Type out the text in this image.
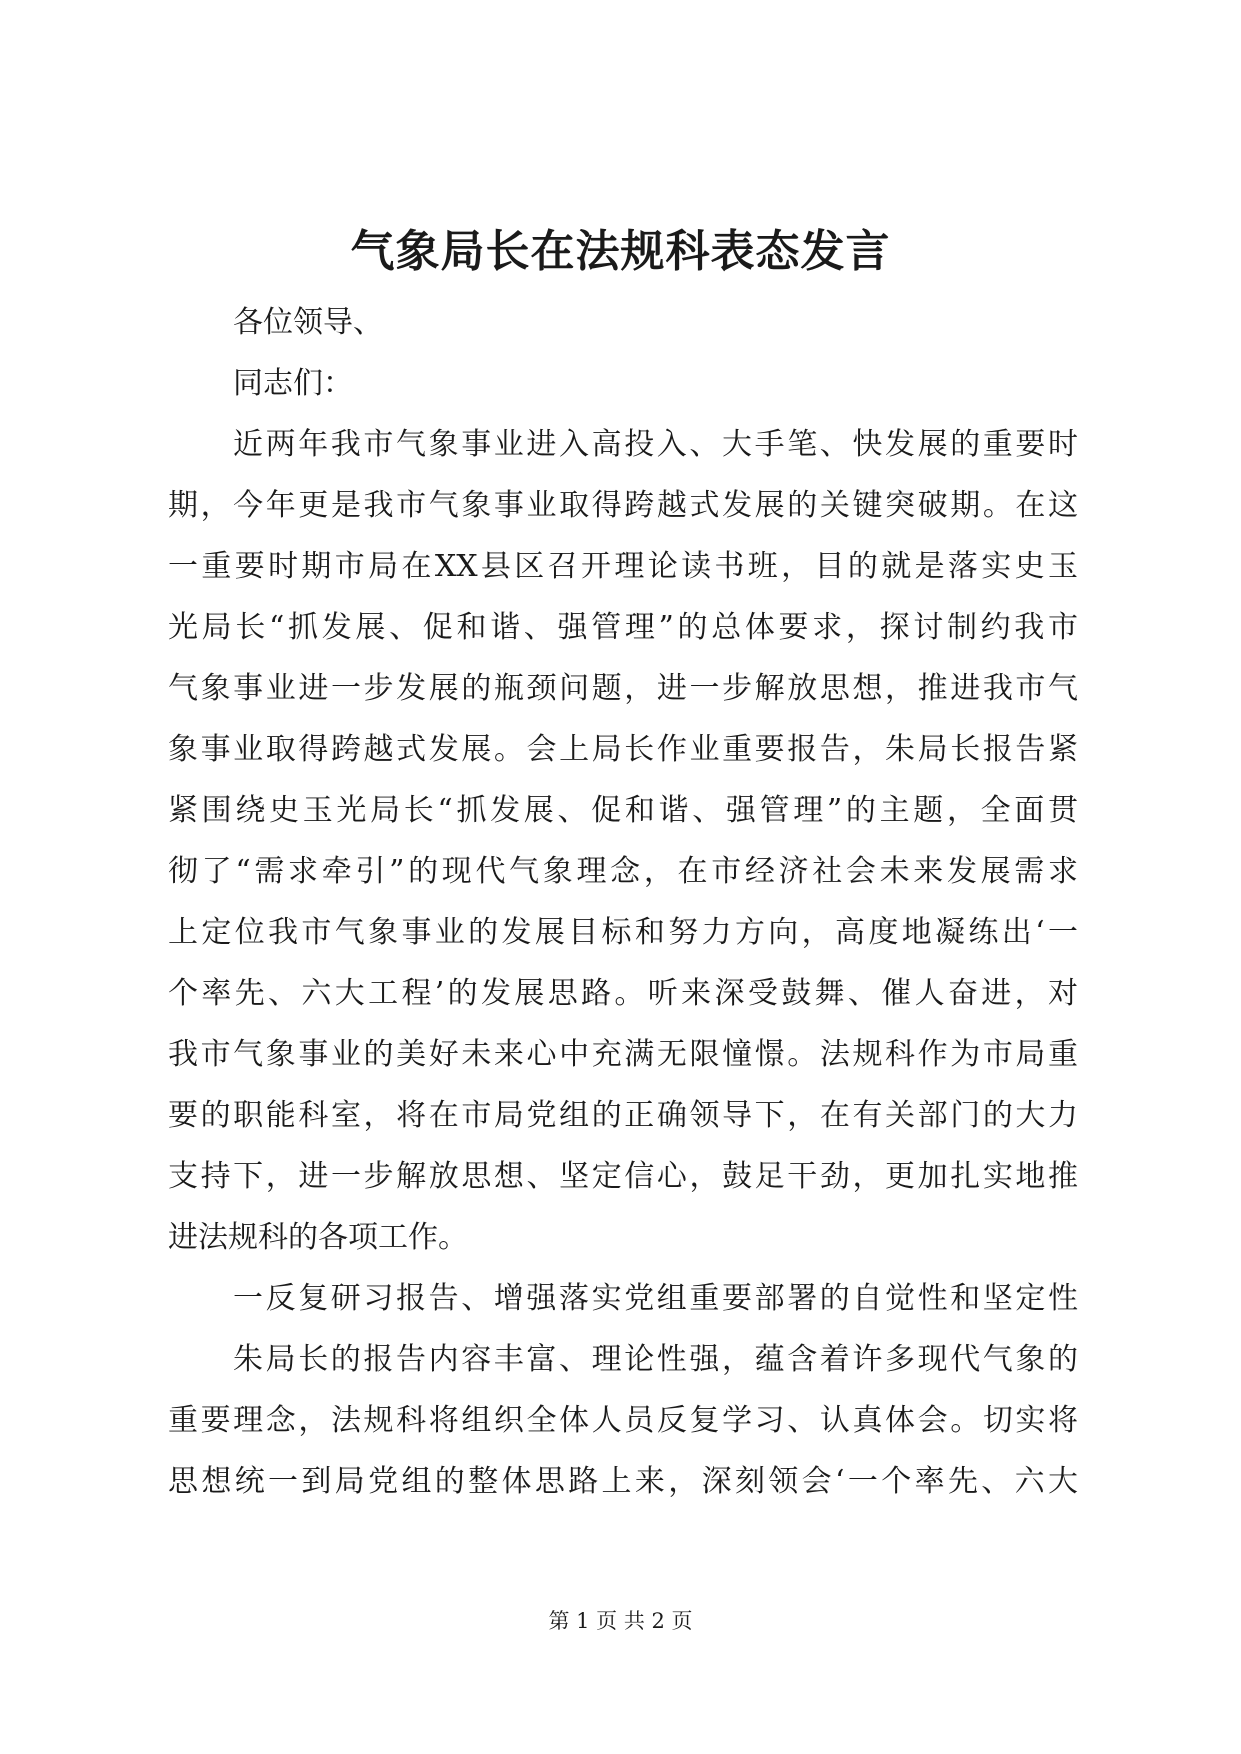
气象局长在法规科表态发言
各位领导、
同志们：
近两年我市气象事业进入高投入、大手笔、快发展的重要时
期，今年更是我市气象事业取得跨越式发展的关键突破期。在这
一重要时期市局在XX县区召开理论读书班，目的就是落实史玉
光局长“抓发展、促和谐、强管理”的总体要求，探讨制约我市
气象事业进一步发展的瓶颈问题，进一步解放思想，推进我市气
象事业取得跨越式发展。会上局长作业重要报告，朱局长报告紧
紧围绕史玉光局长“抓发展、促和谐、强管理”的主题，全面贯
彻了“需求牵引”的现代气象理念，在市经济社会未来发展需求
上定位我市气象事业的发展目标和努力方向，高度地凝练出‘一
个率先、六大工程’的发展思路。听来深受鼓舞、催人奋进，对
我市气象事业的美好未来心中充满无限憧憬。法规科作为市局重
要的职能科室，将在市局党组的正确领导下，在有关部门的大力
支持下，进一步解放思想、坚定信心，鼓足干劲，更加扎实地推
进法规科的各项工作。
一反复研习报告、增强落实党组重要部署的自觉性和坚定性
朱局长的报告内容丰富、理论性强，蕴含着许多现代气象的
重要理念，法规科将组织全体人员反复学习、认真体会。切实将
思想统一到局党组的整体思路上来，深刻领会‘一个率先、六大
第 1 页 共 2 页
